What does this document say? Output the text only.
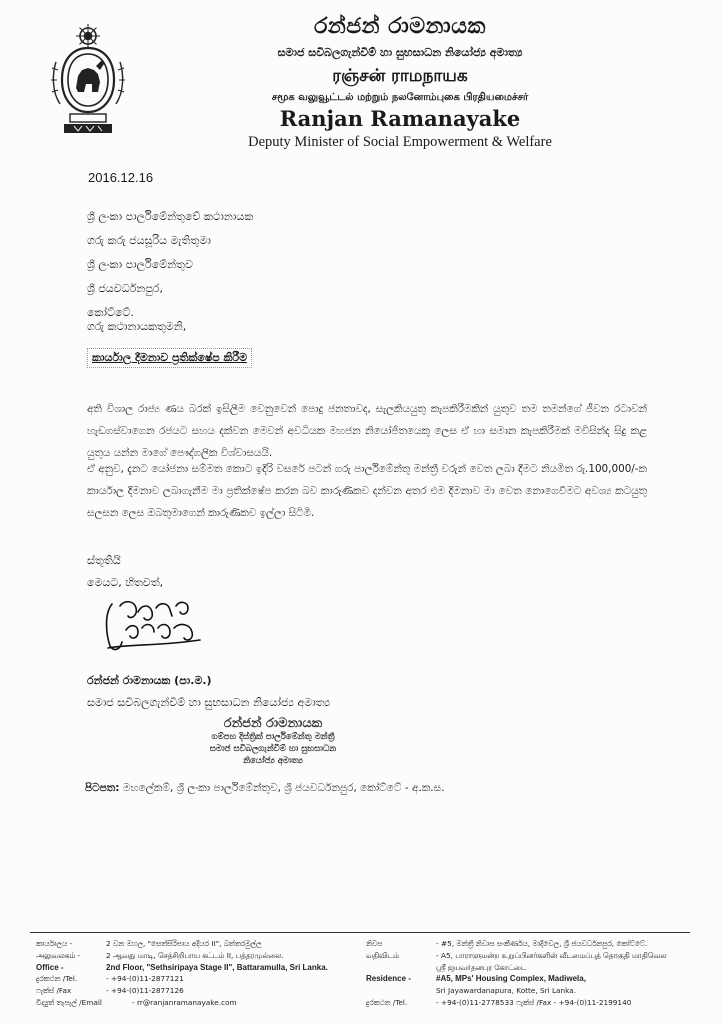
රන්ජන් රාමනායක
සමාජ සවිබලගැන්වීම් හා සුභසාධන නියෝජ්‍ය අමාත්‍ය
ரஞ்சன் ராமநாயக
சமூக வலுவூட்டல் மற்றும் நலனோம்புகை பிரதியமைச்சர்
Ranjan Ramanayake
Deputy Minister of Social Empowerment & Welfare
2016.12.16
ශ්‍රී ලංකා පාර්ලිමේන්තුවේ කථානායක
ගරු කරු ජයසූරිය මැතිතුමා
ශ්‍රී ලංකා පාර්ලිමේන්තුව
ශ්‍රී ජයවර්ධනපුර,
කෝට්ටේ.
ගරු කථානායකතුමනි,
කාර්යාල දීමනාව ප්‍රතික්ෂේප කිරීම

අති විශාල රාජ්‍ය ණය බරක් ඉසිලීම වෙනුවෙන් පොදු ජනතාවද, සැලකියයුතු කැපකිරීමකින් යුතුව තම තමන්ගේ ජීවන රටාවන් හැඩගස්වාගෙන රජයට සහය දක්වන මෙවන් අවධියක මහජන නියෝජිතයෙකු ලෙස ඒ හා සමාන කැපකිරීමක් මවිසින්ද සිදු කළ යුතුය යන්න මාගේ පෞද්ගලික විශ්වාසයයි.

ඒ අනුව, දැනට යෝජනා සම්මත කොට ඉදිරි වසරේ පටන් ගරු පාර්ලිමේන්තු මන්ත්‍රී වරුන් වෙත ලබා දීමට නියමිත රු.100,000/-ක කාර්යාල දීමනාව ලබාගැනීම මා ප්‍රතික්ෂේප කරන බව කාරුණිකව දන්වන අතර එම දීමනාව මා වෙත නොගෙවීමට අවශ්‍ය කටයුතු සලසන ලෙස ඔබතුමාගෙන් කාරුණිකව ඉල්ලා සිටිමි.

ස්තූතියි
මෙයට, හිතවත්,
රන්ජන් රාමනායක (පා.ම.)
සමාජ සවිබලගැන්වීම් හා සුභසාධන නියෝජ්‍ය අමාත්‍ය
රන්ජන් රාමනායක
ගම්පහ දිස්ත්‍රික් පාර්ලිමේන්තු මන්ත්‍රී
සමාජ සවිබලගැන්වීම් හා සුභසාධන
නියෝජ්‍ය අමාත්‍ය
පිටපත: මහලේකම්, ශ්‍රී ලංකා පාර්ලිමේන්තුව, ශ්‍රී ජයවර්ධනපුර, කෝට්ටේ - අ.ක.ස.
කාර්යාලය -	2 වන මහල, "සෙත්සිරිපාය අදියර II", බත්තරමුල්ල
அலுவலகம் -	2 ஆவது மாடி, செத்சிறிபாய கட்டம் II, பத்தரமுல்லை.
Office -	2nd Floor, "Sethsiripaya Stage II", Battaramulla, Sri Lanka.
දුරකථන /Tel.	- +94-(0)11-2877121
ෆැක්ස් /Fax	- +94-(0)11-2877126
විද්‍යුත් තැපැල් /Email	- rr@ranjanramanayake.com
නිවස	- #5, මන්ත්‍රී නිවාස සංකීර්ණය, මාදිවෙල, ශ්‍රී ජයවර්ධනපුර, කෝට්ටේ.
வதிவிடம்	- A5, பாராளுமன்ற உறுப்பினர்களின் வீடமைப்புத் தொகுதி மாதிவெல
ஸ்ரீ ஜயவர்தனபுர கோட்டை
Residence -	#A5, MPs' Housing Complex, Madiwela,
Sri Jayawardanapura, Kotte, Sri Lanka.
දුරකථන /Tel.	- +94-(0)11-2778533 ෆැක්ස් /Fax - +94-(0)11-2199140
